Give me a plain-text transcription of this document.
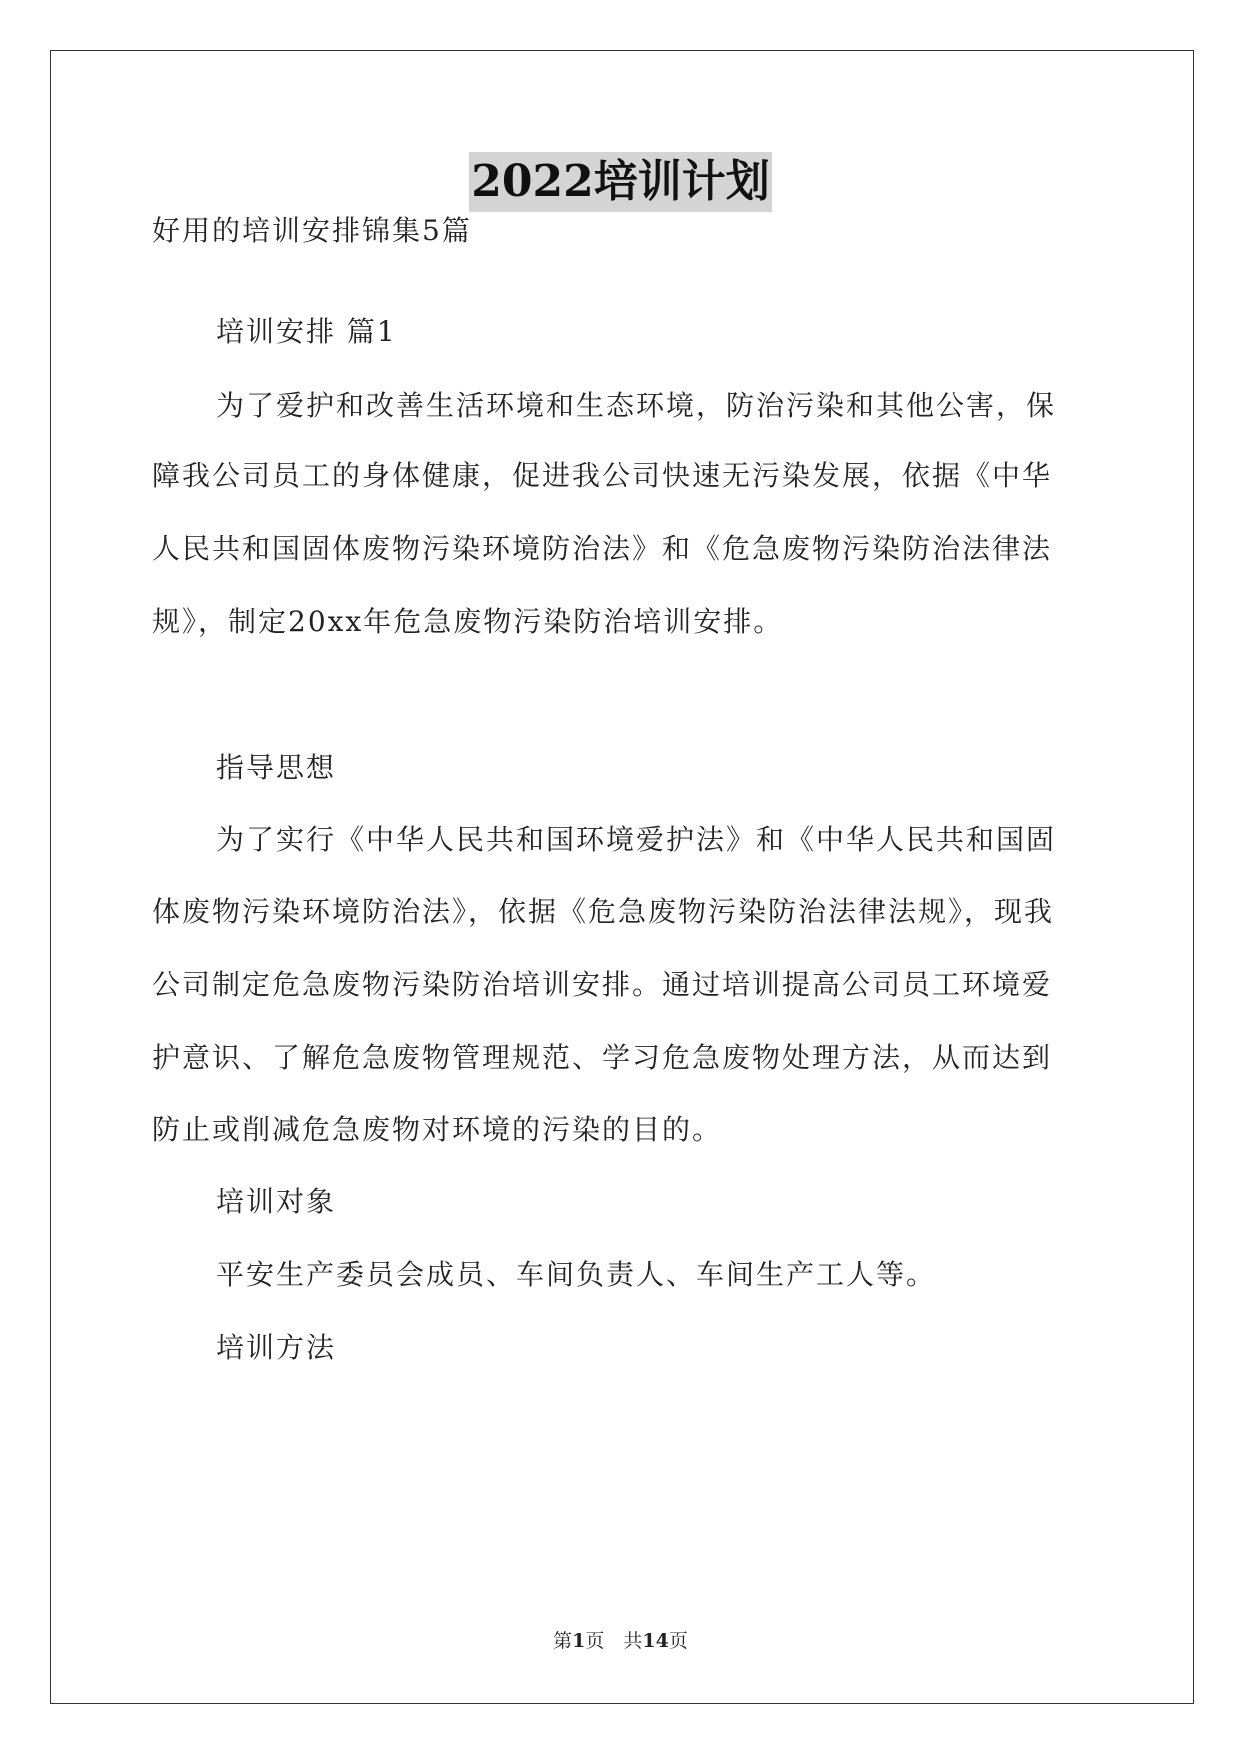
2022培训计划
好用的培训安排锦集5篇
培训安排 篇1
为了爱护和改善生活环境和生态环境，防治污染和其他公害，保
障我公司员工的身体健康，促进我公司快速无污染发展，依据《中华
人民共和国固体废物污染环境防治法》和《危急废物污染防治法律法
规》，制定20xx年危急废物污染防治培训安排。
指导思想
为了实行《中华人民共和国环境爱护法》和《中华人民共和国固
体废物污染环境防治法》，依据《危急废物污染防治法律法规》，现我
公司制定危急废物污染防治培训安排。通过培训提高公司员工环境爱
护意识、了解危急废物管理规范、学习危急废物处理方法，从而达到
防止或削减危急废物对环境的污染的目的。
培训对象
平安生产委员会成员、车间负责人、车间生产工人等。
培训方法
第1页　共14页
